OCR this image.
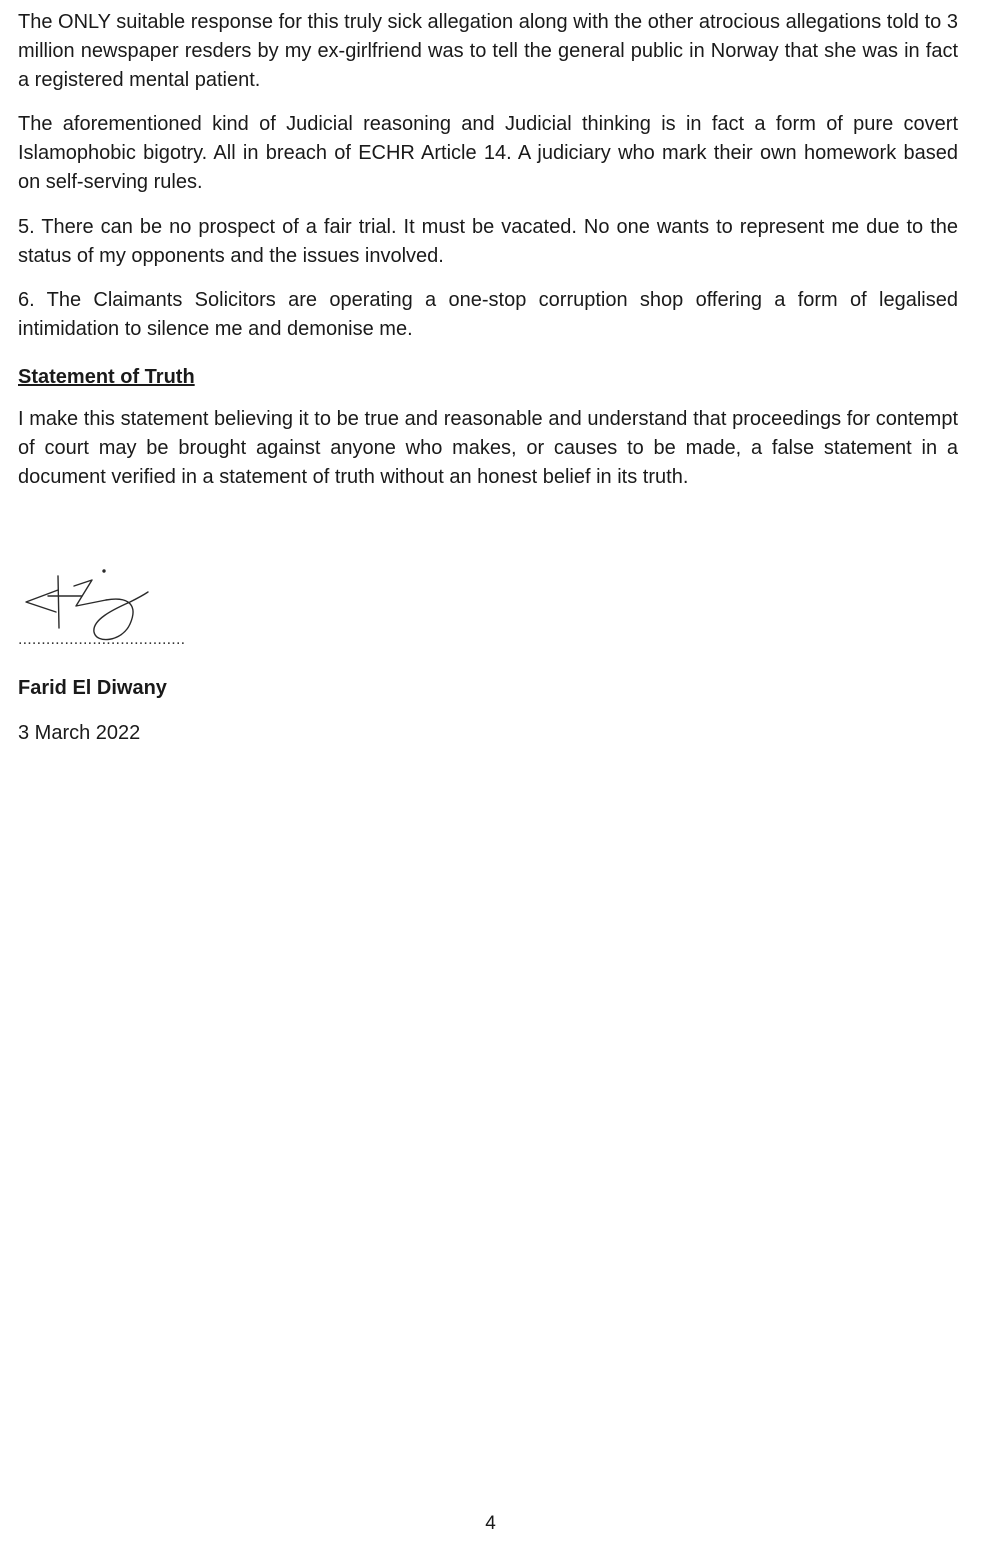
The ONLY suitable response for this truly sick allegation along with the other atrocious allegations told to 3 million newspaper resders by my ex-girlfriend was to tell the general public in Norway that she was in fact a registered mental patient.

The aforementioned kind of Judicial reasoning and Judicial thinking is in fact a form of pure covert Islamophobic bigotry. All in breach of ECHR Article 14. A judiciary who mark their own homework based on self-serving rules.

5. There can be no prospect of a fair trial. It must be vacated. No one wants to represent me due to the status of my opponents and the issues involved.

6. The Claimants Solicitors are operating a one-stop corruption shop offering a form of legalised intimidation to silence me and demonise me.

Statement of Truth

I make this statement believing it to be true and reasonable and understand that proceedings for contempt of court may be brought against anyone who makes, or causes to be made, a false statement in a document verified in a statement of truth without an honest belief in its truth.

....................................

Farid El Diwany

3 March 2022

4
